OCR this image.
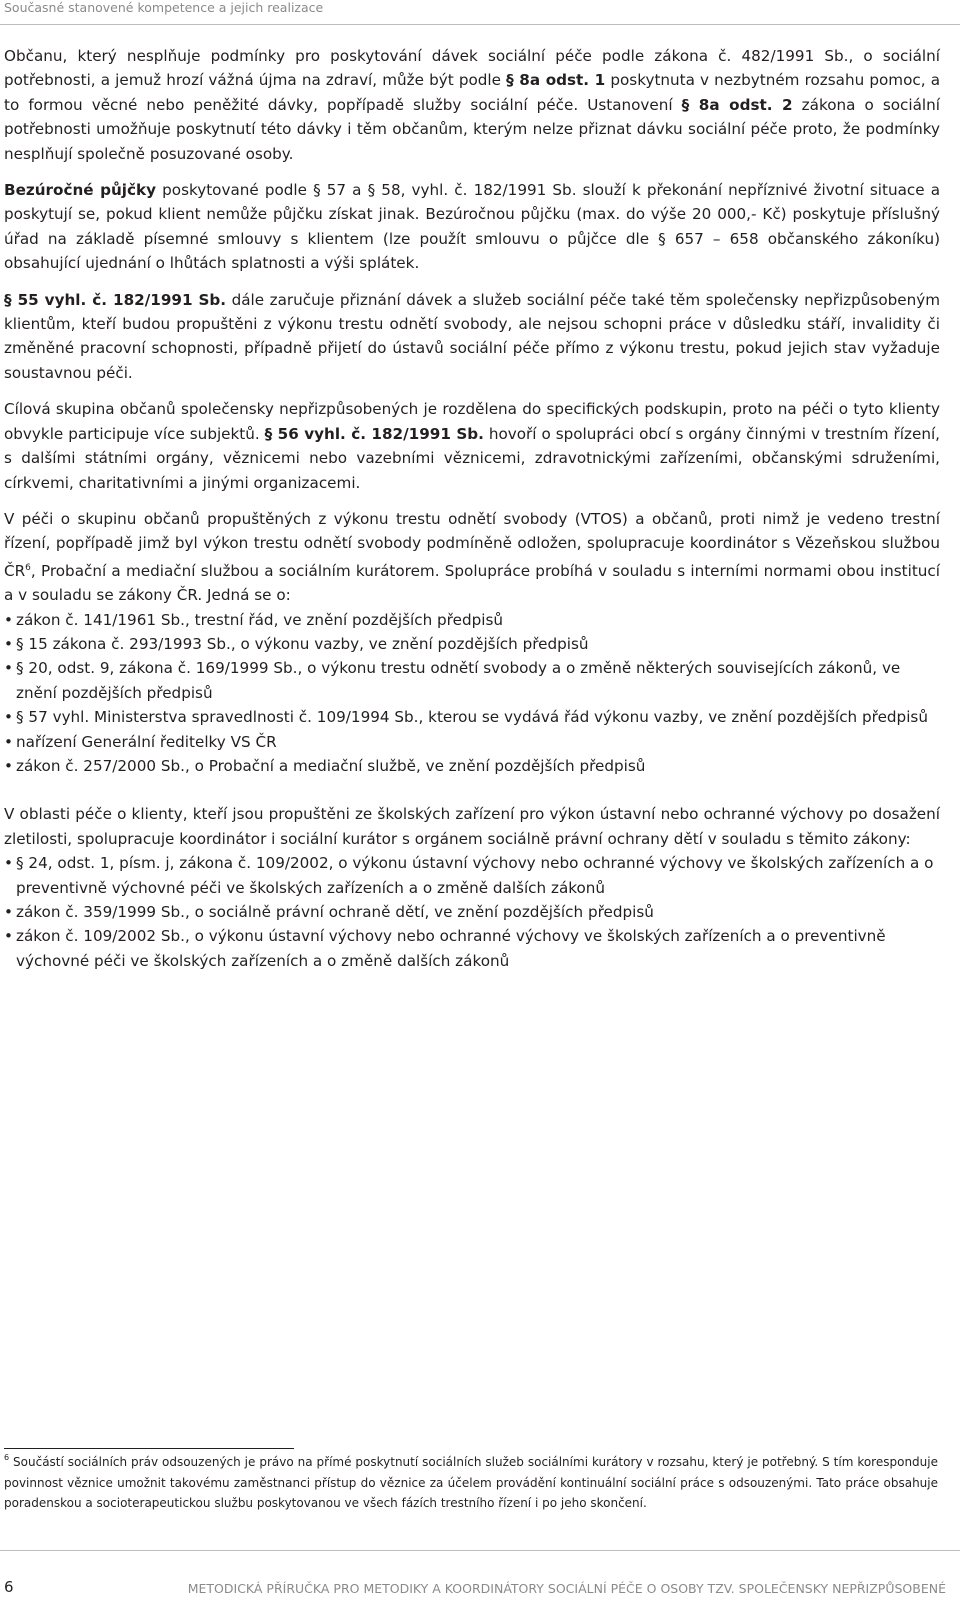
Současné stanovené kompetence a jejich realizace

Občanu, který nesplňuje podmínky pro poskytování dávek sociální péče podle zákona č. 482/1991 Sb., o sociální potřebnosti, a jemuž hrozí vážná újma na zdraví, může být podle § 8a odst. 1 poskytnuta v nezbytném rozsahu pomoc, a to formou věcné nebo peněžité dávky, popřípadě služby sociální péče. Ustanovení § 8a odst. 2 zákona o sociální potřebnosti umožňuje poskytnutí této dávky i těm občanům, kterým nelze přiznat dávku sociální péče proto, že podmínky nesplňují společně posuzované osoby.

Bezúročné půjčky poskytované podle § 57 a § 58, vyhl. č. 182/1991 Sb. slouží k překonání nepříznivé životní situace a poskytují se, pokud klient nemůže půjčku získat jinak. Bezúročnou půjčku (max. do výše 20 000,- Kč) poskytuje příslušný úřad na základě písemné smlouvy s klientem (lze použít smlouvu o půjčce dle § 657 – 658 občanského zákoníku) obsahující ujednání o lhůtách splatnosti a výši splátek.

§ 55 vyhl. č. 182/1991 Sb. dále zaručuje přiznání dávek a služeb sociální péče také těm společensky nepřizpůsobeným klientům, kteří budou propuštěni z výkonu trestu odnětí svobody, ale nejsou schopni práce v důsledku stáří, invalidity či změněné pracovní schopnosti, případně přijetí do ústavů sociální péče přímo z výkonu trestu, pokud jejich stav vyžaduje soustavnou péči.

Cílová skupina občanů společensky nepřizpůsobených je rozdělena do specifických podskupin, proto na péči o tyto klienty obvykle participuje více subjektů. § 56 vyhl. č. 182/1991 Sb. hovoří o spolupráci obcí s orgány činnými v trestním řízení, s dalšími státními orgány, věznicemi nebo vazebními věznicemi, zdravotnickými zařízeními, občanskými sdruženími, církvemi, charitativními a jinými organizacemi.

V péči o skupinu občanů propuštěných z výkonu trestu odnětí svobody (VTOS) a občanů, proti nimž je vedeno trestní řízení, popřípadě jimž byl výkon trestu odnětí svobody podmíněně odložen, spolupracuje koordinátor s Vězeňskou službou $ČR^6$, Probační a mediační službou a sociálním kurátorem. Spolupráce probíhá v souladu s interními normami obou institucí a v souladu se zákony ČR. Jedná se o:

• zákon č. 141/1961 Sb., trestní řád, ve znění pozdějších předpisů
• § 15 zákona č. 293/1993 Sb., o výkonu vazby, ve znění pozdějších předpisů
• § 20, odst. 9, zákona č. 169/1999 Sb., o výkonu trestu odnětí svobody a o změně některých souvisejících zákonů, ve znění pozdějších předpisů
• § 57 vyhl. Ministerstva spravedlnosti č. 109/1994 Sb., kterou se vydává řád výkonu vazby, ve znění pozdějších předpisů
• nařízení Generální ředitelky VS ČR
• zákon č. 257/2000 Sb., o Probační a mediační službě, ve znění pozdějších předpisů

V oblasti péče o klienty, kteří jsou propuštěni ze školských zařízení pro výkon ústavní nebo ochranné výchovy po dosažení zletilosti, spolupracuje koordinátor i sociální kurátor s orgánem sociálně právní ochrany dětí v souladu s těmito zákony:

• § 24, odst. 1, písm. j, zákona č. 109/2002, o výkonu ústavní výchovy nebo ochranné výchovy ve školských zařízeních a o preventivně výchovné péči ve školských zařízeních a o změně dalších zákonů
• zákon č. 359/1999 Sb., o sociálně právní ochraně dětí, ve znění pozdějších předpisů
• zákon č. 109/2002 Sb., o výkonu ústavní výchovy nebo ochranné výchovy ve školských zařízeních a o preventivně výchovné péči ve školských zařízeních a o změně dalších zákonů
$^6$ Součástí sociálních práv odsouzených je právo na přímé poskytnutí sociálních služeb sociálními kurátory v rozsahu, který je potřebný. S tím koresponduje povinnost věznice umožnit takovému zaměstnanci přístup do věznice za účelem provádění kontinuální sociální práce s odsouzenými. Tato práce obsahuje poradenskou a socioterapeutickou službu poskytovanou ve všech fázích trestního řízení i po jeho skončení.
6	METODICKÁ PŘÍRUČKA PRO METODIKY A KOORDINÁTORY SOCIÁLNÍ PÉČE O OSOBY TZV. SPOLEČENSKY NEPŘIZPŮSOBENÉ
